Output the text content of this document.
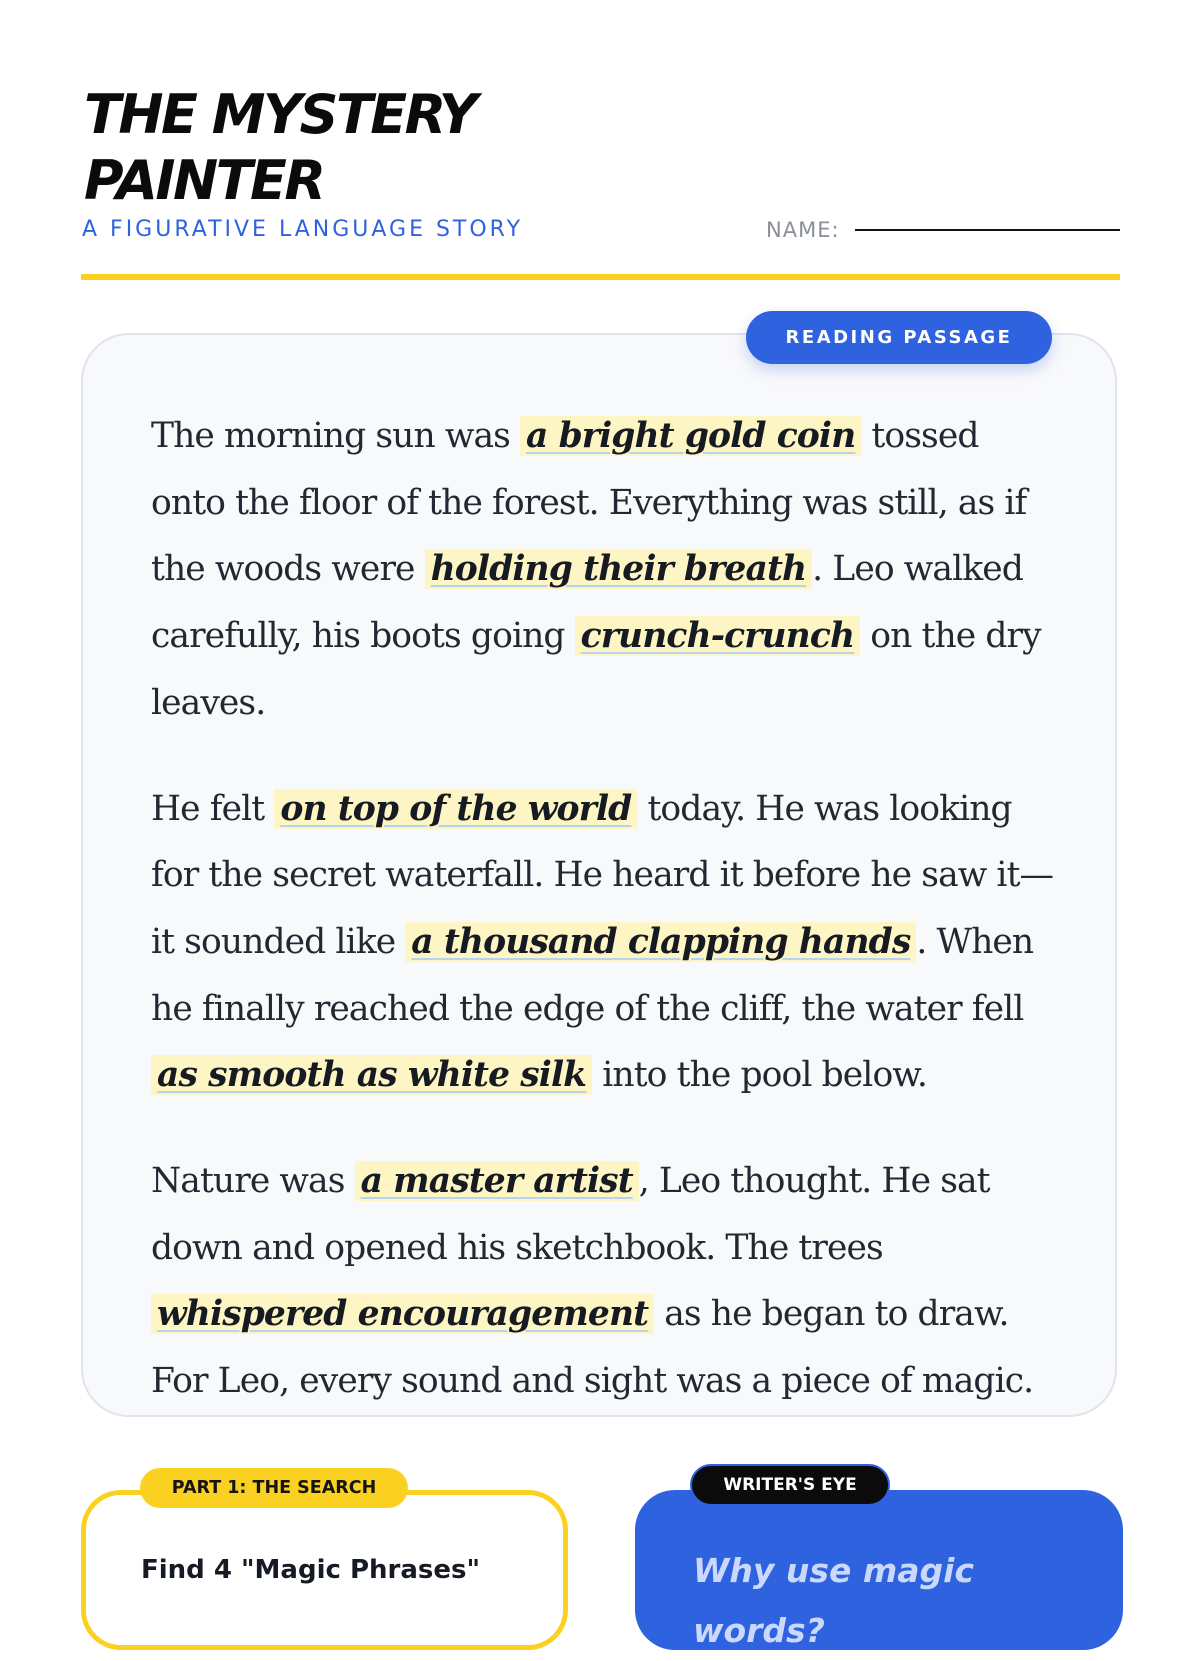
THE MYSTERY
PAINTER
A FIGURATIVE LANGUAGE STORY	NAME:
READING PASSAGE

The morning sun was a bright gold coin tossed onto the floor of the forest. Everything was still, as if the woods were holding their breath . Leo walked carefully, his boots going crunch-crunch on the dry leaves.

He felt on top of the world today. He was looking for the secret waterfall. He heard it before he saw it—it sounded like a thousand clapping hands . When he finally reached the edge of the cliff, the water fell as smooth as white silk into the pool below.

Nature was a master artist , Leo thought. He sat down and opened his sketchbook. The trees whispered encouragement as he began to draw. For Leo, every sound and sight was a piece of magic.

PART 1: THE SEARCH
Find 4 "Magic Phrases"
WRITER'S EYE
Why use magic words?
